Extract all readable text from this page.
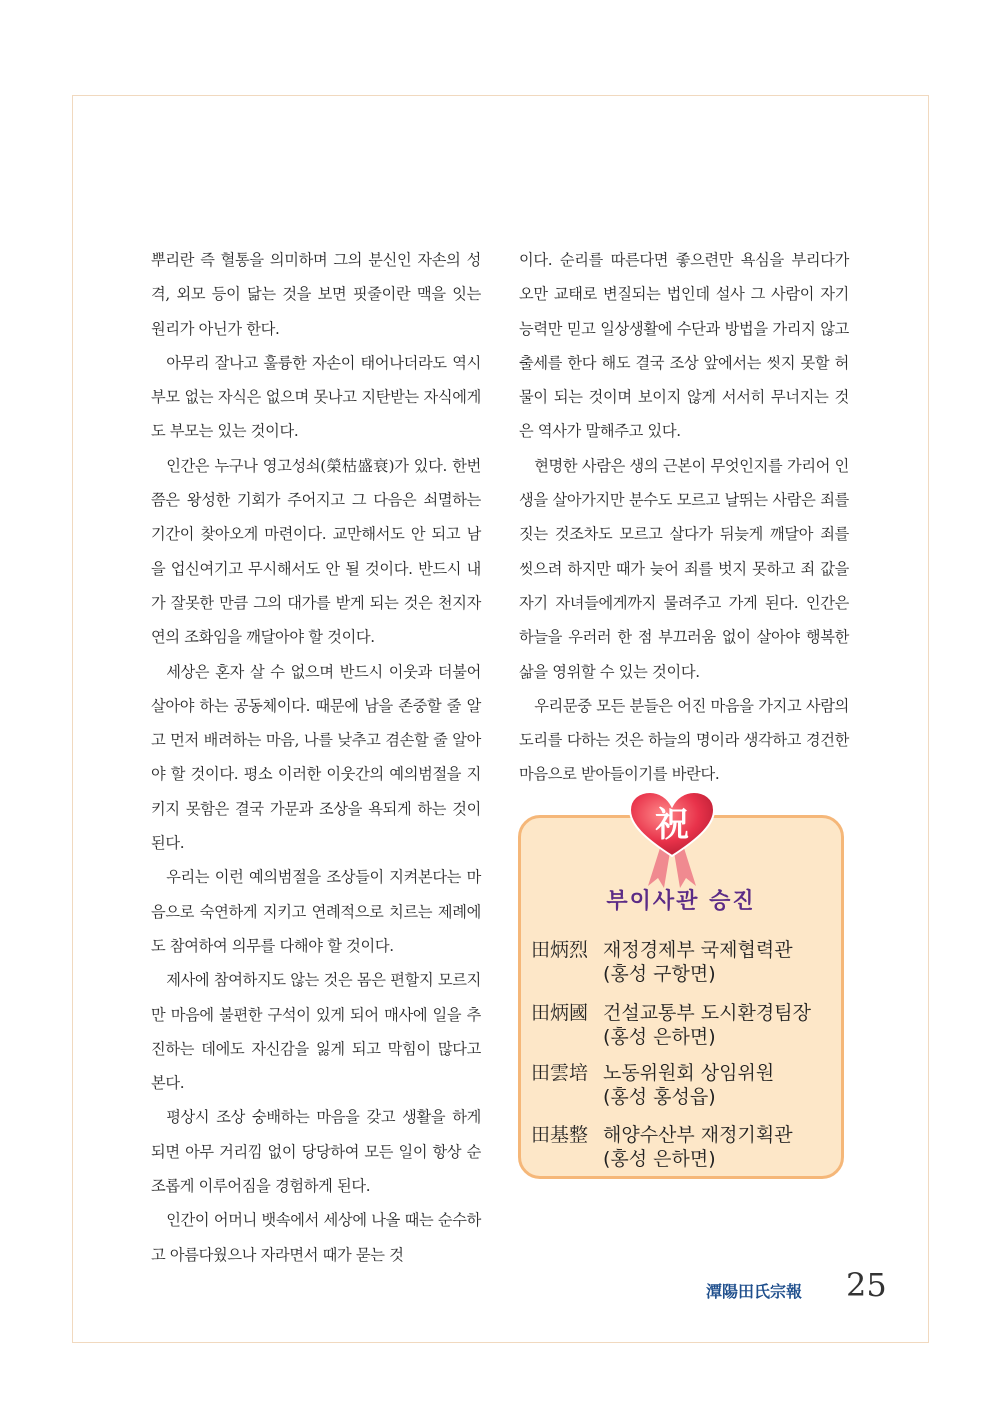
뿌리란 즉 혈통을 의미하며 그의 분신인 자손의 성격, 외모 등이 닮는 것을 보면 핏줄이란 맥을 잇는 원리가 아닌가 한다.

아무리 잘나고 훌륭한 자손이 태어나더라도 역시 부모 없는 자식은 없으며 못나고 지탄받는 자식에게도 부모는 있는 것이다.

인간은 누구나 영고성쇠(榮枯盛衰)가 있다. 한번쯤은 왕성한 기회가 주어지고 그 다음은 쇠멸하는 기간이 찾아오게 마련이다. 교만해서도 안 되고 남을 업신여기고 무시해서도 안 될 것이다. 반드시 내가 잘못한 만큼 그의 대가를 받게 되는 것은 천지자연의 조화임을 깨달아야 할 것이다.

세상은 혼자 살 수 없으며 반드시 이웃과 더불어 살아야 하는 공동체이다. 때문에 남을 존중할 줄 알고 먼저 배려하는 마음, 나를 낮추고 겸손할 줄 알아야 할 것이다. 평소 이러한 이웃간의 예의범절을 지키지 못함은 결국 가문과 조상을 욕되게 하는 것이 된다.

우리는 이런 예의범절을 조상들이 지켜본다는 마음으로 숙연하게 지키고 연례적으로 치르는 제례에도 참여하여 의무를 다해야 할 것이다.

제사에 참여하지도 않는 것은 몸은 편할지 모르지만 마음에 불편한 구석이 있게 되어 매사에 일을 추진하는 데에도 자신감을 잃게 되고 막힘이 많다고 본다.

평상시 조상 숭배하는 마음을 갖고 생활을 하게 되면 아무 거리낌 없이 당당하여 모든 일이 항상 순조롭게 이루어짐을 경험하게 된다.

인간이 어머니 뱃속에서 세상에 나올 때는 순수하고 아름다웠으나 자라면서 때가 묻는 것

이다. 순리를 따른다면 좋으련만 욕심을 부리다가 오만 교태로 변질되는 법인데 설사 그 사람이 자기 능력만 믿고 일상생활에 수단과 방법을 가리지 않고 출세를 한다 해도 결국 조상 앞에서는 씻지 못할 허물이 되는 것이며 보이지 않게 서서히 무너지는 것은 역사가 말해주고 있다.

현명한 사람은 생의 근본이 무엇인지를 가리어 인생을 살아가지만 분수도 모르고 날뛰는 사람은 죄를 짓는 것조차도 모르고 살다가 뒤늦게 깨달아 죄를 씻으려 하지만 때가 늦어 죄를 벗지 못하고 죄 값을 자기 자녀들에게까지 물려주고 가게 된다. 인간은 하늘을 우러러 한 점 부끄러움 없이 살아야 행복한 삶을 영위할 수 있는 것이다.

우리문중 모든 분들은 어진 마음을 가지고 사람의 도리를 다하는 것은 하늘의 명이라 생각하고 경건한 마음으로 받아들이기를 바란다.

부이사관 승진
田炳烈 재정경제부 국제협력관
(홍성 구항면)
田炳國 건설교통부 도시환경팀장
(홍성 은하면)
田雲培 노동위원회 상임위원
(홍성 홍성읍)
田基整 해양수산부 재정기획관
(홍성 은하면)
祝
潭陽田氏宗報 25
